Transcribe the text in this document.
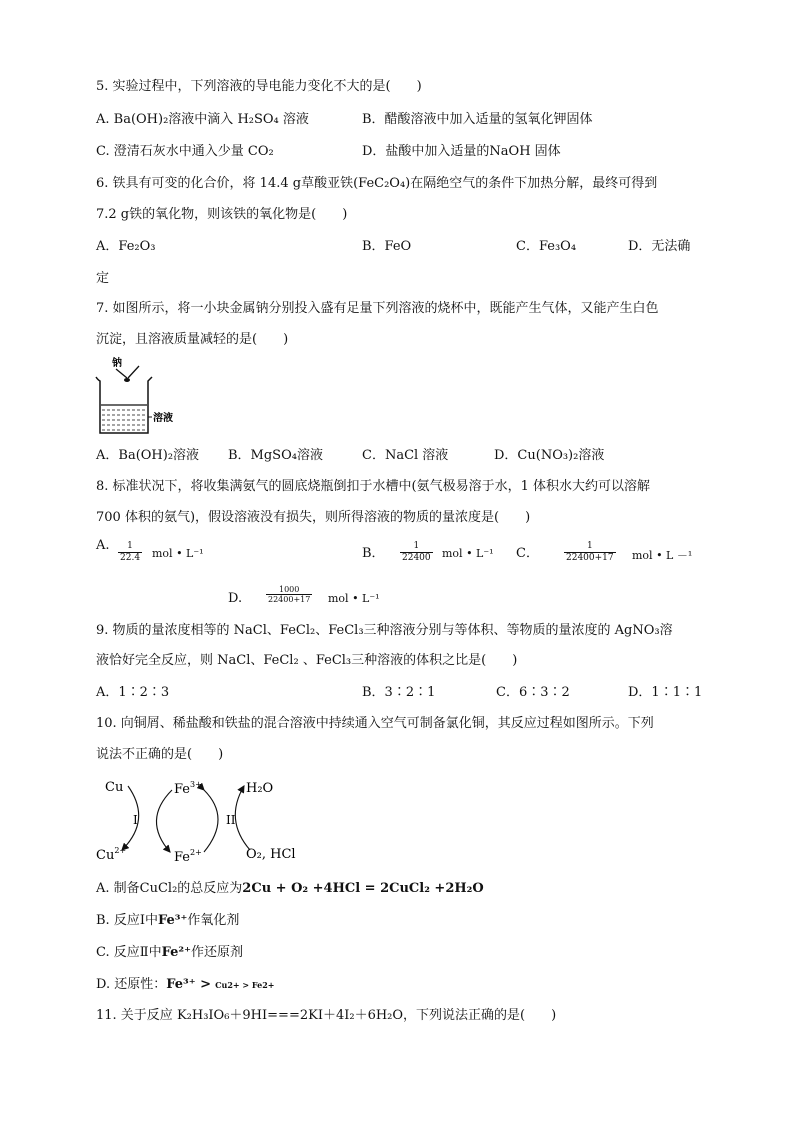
5. 实验过程中，下列溶液的导电能力变化不大的是(　　)
A. Ba(OH)₂溶液中滴入 H₂SO₄ 溶液	B．醋酸溶液中加入适量的氢氧化钾固体
C. 澄清石灰水中通入少量 CO₂	D．盐酸中加入适量的NaOH 固体
6. 铁具有可变的化合价，将 14.4 g草酸亚铁(FeC₂O₄)在隔绝空气的条件下加热分解，最终可得到
7.2 g铁的氧化物，则该铁的氧化物是(　　)
A．Fe₂O₃	B．FeO	C．Fe₃O₄	D．无法确
定
7. 如图所示，将一小块金属钠分别投入盛有足量下列溶液的烧杯中，既能产生气体，又能产生白色
沉淀，且溶液质量减轻的是(　　)
钠
溶液
A．Ba(OH)₂溶液 B．MgSO₄溶液	C．NaCl 溶液	D．Cu(NO₃)₂溶液
8. 标准状况下，将收集满氨气的圆底烧瓶倒扣于水槽中(氨气极易溶于水，1 体积水大约可以溶解
700 体积的氨气)，假设溶液没有损失，则所得溶液的物质的量浓度是(　　)
A. $\frac{1}{22.4}$ mol • L⁻¹	B． $\frac{1}{22400}$ mol • L⁻¹ C．	$\frac{1}{22400+17}$ mol • L －¹
D.	$\frac{1000}{22400+17}$ mol • L⁻¹
9. 物质的量浓度相等的 NaCl、FeCl₂、FeCl₃三种溶液分别与等体积、等物质的量浓度的 AgNO₃溶
液恰好完全反应，则 NaCl、FeCl₂ 、FeCl₃三种溶液的体积之比是(　　)
A．1∶2∶3	B．3∶2∶1	C．6∶3∶2	D．1∶1∶1
10. 向铜屑、稀盐酸和铁盐的混合溶液中持续通入空气可制备氯化铜，其反应过程如图所示。下列
说法不正确的是(　　)
Cu
$Cu^{2+}$
$Fe^{3+}$
$Fe^{2+}$
H₂O
O₂, HCl
I	II
A. 制备CuCl₂的总反应为2Cu + O₂ +4HCl = 2CuCl₂ +2H₂O
B. 反应Ⅰ中Fe³⁺作氧化剂
C. 反应Ⅱ中Fe²⁺作还原剂
D. 还原性：Fe³⁺ > Cu2+ > Fe2+
11. 关于反应 K₂H₃IO₆＋9HI===2KI＋4I₂＋6H₂O，下列说法正确的是(　　)
